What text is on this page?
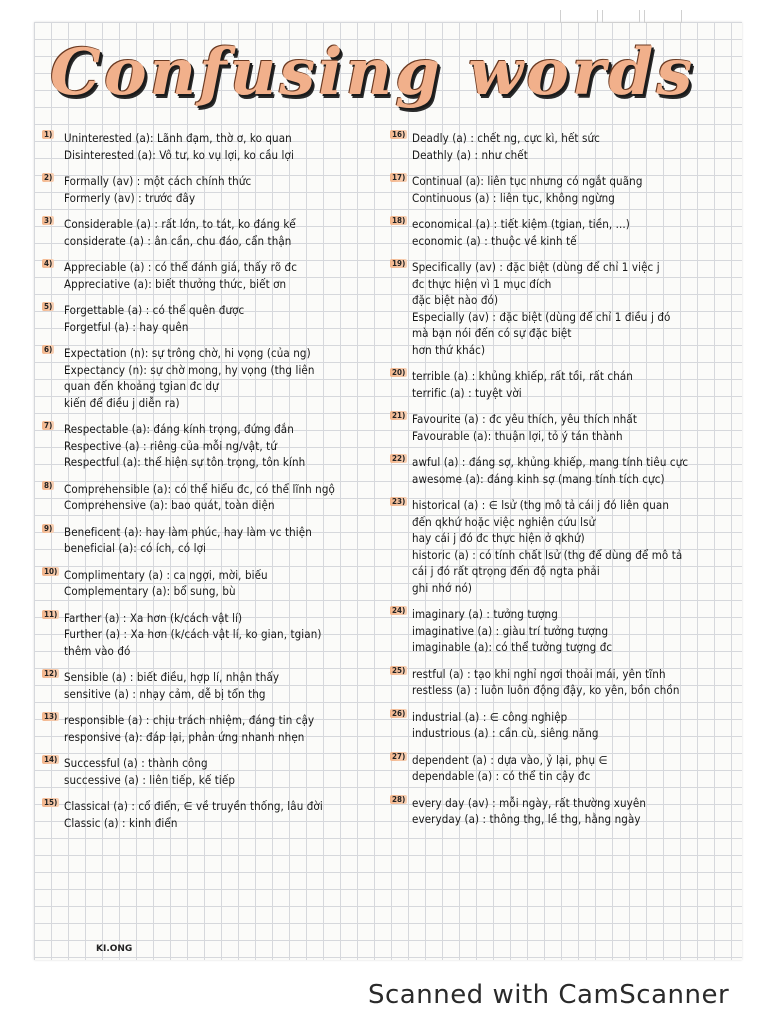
Confusing words
1) Uninterested (a): Lãnh đạm, thờ ơ, ko quan
Disinterested (a): Vô tư, ko vụ lợi, ko cầu lợi
2) Formally (av) : một cách chính thức
Formerly (av) : trước đây
3) Considerable (a) : rất lớn, to tát, ko đáng kể
considerate (a) : ân cần, chu đáo, cẩn thận
4) Appreciable (a) : có thể đánh giá, thấy rõ đc
Appreciative (a): biết thưởng thức, biết ơn
5) Forgettable (a) : có thể quên được
Forgetful (a) : hay quên
6) Expectation (n): sự trông chờ, hi vọng (của ng)
Expectancy (n): sự chờ mong, hy vọng (thg liên
quan đến khoảng tgian đc dự
kiến để điều j diễn ra)
7) Respectable (a): đáng kính trọng, đứng đắn
Respective (a) : riêng của mỗi ng/vật, tứ
Respectful (a): thể hiện sự tôn trọng, tôn kính
8) Comprehensible (a): có thể hiểu đc, có thể lĩnh ngộ
Comprehensive (a): bao quát, toàn diện
9) Beneficent (a): hay làm phúc, hay làm vc thiện
beneficial (a): có ích, có lợi
10) Complimentary (a) : ca ngợi, mời, biếu
Complementary (a): bổ sung, bù
11) Farther (a) : Xa hơn (k/cách vật lí)
Further (a) : Xa hơn (k/cách vật lí, ko gian, tgian)
thêm vào đó
12) Sensible (a) : biết điều, hợp lí, nhận thấy
sensitive (a) : nhạy cảm, dễ bị tổn thg
13) responsible (a) : chịu trách nhiệm, đáng tin cậy
responsive (a): đáp lại, phản ứng nhanh nhẹn
14) Successful (a) : thành công
successive (a) : liên tiếp, kế tiếp
15) Classical (a) : cổ điển, ∈ về truyền thống, lâu đời
Classic (a) : kinh điển
16) Deadly (a) : chết ng, cực kì, hết sức
Deathly (a) : như chết
17) Continual (a): liên tục nhưng có ngắt quãng
Continuous (a) : liên tục, không ngừng
18) economical (a) : tiết kiệm (tgian, tiền, ...)
economic (a) : thuộc về kinh tế
19) Specifically (av) : đặc biệt (dùng để chỉ 1 việc j
đc thực hiện vì 1 mục đích
đặc biệt nào đó)
Especially (av) : đặc biệt (dùng để chỉ 1 điều j đó
mà bạn nói đến có sự đặc biệt
hơn thứ khác)
20) terrible (a) : khủng khiếp, rất tồi, rất chán
terrific (a) : tuyệt vời
21) Favourite (a) : đc yêu thích, yêu thích nhất
Favourable (a): thuận lợi, tỏ ý tán thành
22) awful (a) : đáng sợ, khủng khiếp, mang tính tiêu cực
awesome (a): đáng kinh sợ (mang tính tích cực)
23) historical (a) : ∈ lsử (thg mô tả cái j đó liên quan
đến qkhứ hoặc việc nghiên cứu lsử
hay cái j đó đc thực hiện ở qkhứ)
historic (a) : có tính chất lsử (thg để dùng để mô tả
cái j đó rất qtrọng đến độ ngta phải
ghi nhớ nó)
24) imaginary (a) : tưởng tượng
imaginative (a) : giàu trí tưởng tượng
imaginable (a): có thể tưởng tượng đc
25) restful (a) : tạo khi nghỉ ngơi thoải mái, yên tĩnh
restless (a) : luôn luôn động đậy, ko yên, bồn chồn
26) industrial (a) : ∈ công nghiệp
industrious (a) : cần cù, siêng năng
27) dependent (a) : dựa vào, ỷ lại, phụ ∈
dependable (a) : có thể tin cậy đc
28) every day (av) : mỗi ngày, rất thường xuyên
everyday (a) : thông thg, lề thg, hằng ngày
KI.ONG
Scanned with CamScanner
